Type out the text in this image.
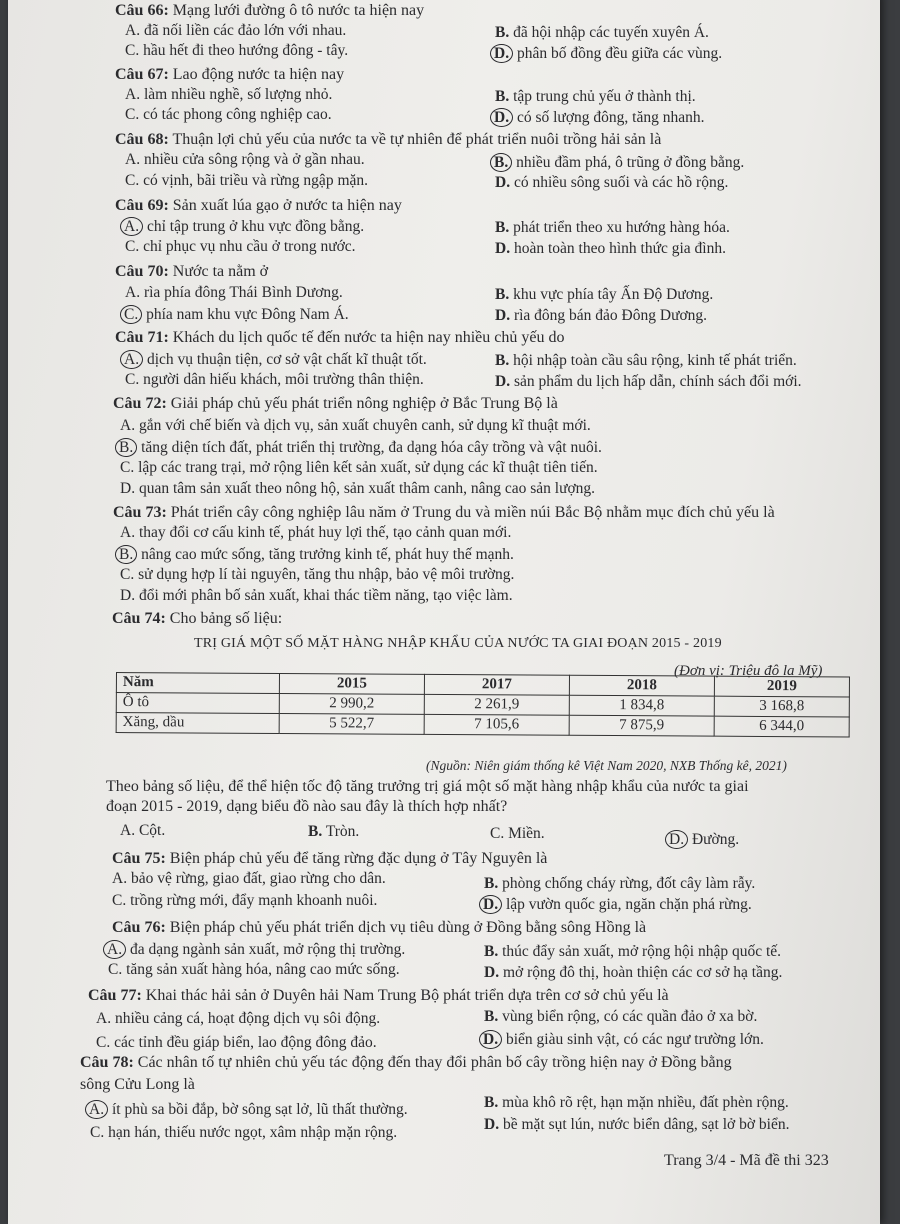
Câu 66: Mạng lưới đường ô tô nước ta hiện nay
A. đã nối liền các đảo lớn với nhau.	B. đã hội nhập các tuyến xuyên Á.
C. hầu hết đi theo hướng đông - tây.	D. phân bố đồng đều giữa các vùng.
Câu 67: Lao động nước ta hiện nay
A. làm nhiều nghề, số lượng nhỏ.	B. tập trung chủ yếu ở thành thị.
C. có tác phong công nghiệp cao.	D. có số lượng đông, tăng nhanh.
Câu 68: Thuận lợi chủ yếu của nước ta về tự nhiên để phát triển nuôi trồng hải sản là
A. nhiều cửa sông rộng và ở gần nhau.	B. nhiều đầm phá, ô trũng ở đồng bằng.
C. có vịnh, bãi triều và rừng ngập mặn.	D. có nhiều sông suối và các hồ rộng.
Câu 69: Sản xuất lúa gạo ở nước ta hiện nay
A. chỉ tập trung ở khu vực đồng bằng.	B. phát triển theo xu hướng hàng hóa.
C. chỉ phục vụ nhu cầu ở trong nước.	D. hoàn toàn theo hình thức gia đình.
Câu 70: Nước ta nằm ở
A. rìa phía đông Thái Bình Dương.	B. khu vực phía tây Ấn Độ Dương.
C. phía nam khu vực Đông Nam Á.	D. rìa đông bán đảo Đông Dương.
Câu 71: Khách du lịch quốc tế đến nước ta hiện nay nhiều chủ yếu do
A. dịch vụ thuận tiện, cơ sở vật chất kĩ thuật tốt.	B. hội nhập toàn cầu sâu rộng, kinh tế phát triển.
C. người dân hiếu khách, môi trường thân thiện.	D. sản phẩm du lịch hấp dẫn, chính sách đổi mới.
Câu 72: Giải pháp chủ yếu phát triển nông nghiệp ở Bắc Trung Bộ là
A. gắn với chế biến và dịch vụ, sản xuất chuyên canh, sử dụng kĩ thuật mới.
B. tăng diện tích đất, phát triển thị trường, đa dạng hóa cây trồng và vật nuôi.
C. lập các trang trại, mở rộng liên kết sản xuất, sử dụng các kĩ thuật tiên tiến.
D. quan tâm sản xuất theo nông hộ, sản xuất thâm canh, nâng cao sản lượng.
Câu 73: Phát triển cây công nghiệp lâu năm ở Trung du và miền núi Bắc Bộ nhằm mục đích chủ yếu là
A. thay đổi cơ cấu kinh tế, phát huy lợi thế, tạo cảnh quan mới.
B. nâng cao mức sống, tăng trưởng kinh tế, phát huy thế mạnh.
C. sử dụng hợp lí tài nguyên, tăng thu nhập, bảo vệ môi trường.
D. đổi mới phân bố sản xuất, khai thác tiềm năng, tạo việc làm.
Câu 74: Cho bảng số liệu:
TRỊ GIÁ MỘT SỐ MẶT HÀNG NHẬP KHẨU CỦA NƯỚC TA GIAI ĐOẠN 2015 - 2019
(Đơn vị: Triệu đô la Mỹ)
Năm	2015	2017	2018	2019
Ô tô	2 990,2	2 261,9	1 834,8	3 168,8
Xăng, dầu	5 522,7	7 105,6	7 875,9	6 344,0
(Nguồn: Niên giám thống kê Việt Nam 2020, NXB Thống kê, 2021)
Theo bảng số liệu, để thể hiện tốc độ tăng trưởng trị giá một số mặt hàng nhập khẩu của nước ta giai
đoạn 2015 - 2019, dạng biểu đồ nào sau đây là thích hợp nhất?
A. Cột.	B. Tròn.	C. Miền.	D. Đường.
Câu 75: Biện pháp chủ yếu để tăng rừng đặc dụng ở Tây Nguyên là
A. bảo vệ rừng, giao đất, giao rừng cho dân.	B. phòng chống cháy rừng, đốt cây làm rẫy.
C. trồng rừng mới, đẩy mạnh khoanh nuôi.	D. lập vườn quốc gia, ngăn chặn phá rừng.
Câu 76: Biện pháp chủ yếu phát triển dịch vụ tiêu dùng ở Đồng bằng sông Hồng là
A. đa dạng ngành sản xuất, mở rộng thị trường.	B. thúc đẩy sản xuất, mở rộng hội nhập quốc tế.
C. tăng sản xuất hàng hóa, nâng cao mức sống.	D. mở rộng đô thị, hoàn thiện các cơ sở hạ tầng.
Câu 77: Khai thác hải sản ở Duyên hải Nam Trung Bộ phát triển dựa trên cơ sở chủ yếu là
A. nhiều cảng cá, hoạt động dịch vụ sôi động.	B. vùng biển rộng, có các quần đảo ở xa bờ.
C. các tỉnh đều giáp biển, lao động đông đảo.	D. biển giàu sinh vật, có các ngư trường lớn.
Câu 78: Các nhân tố tự nhiên chủ yếu tác động đến thay đổi phân bố cây trồng hiện nay ở Đồng bằng
sông Cửu Long là
A. ít phù sa bồi đắp, bờ sông sạt lở, lũ thất thường.	B. mùa khô rõ rệt, hạn mặn nhiều, đất phèn rộng.
C. hạn hán, thiếu nước ngọt, xâm nhập mặn rộng.	D. bề mặt sụt lún, nước biển dâng, sạt lở bờ biển.
Trang 3/4 - Mã đề thi 323
